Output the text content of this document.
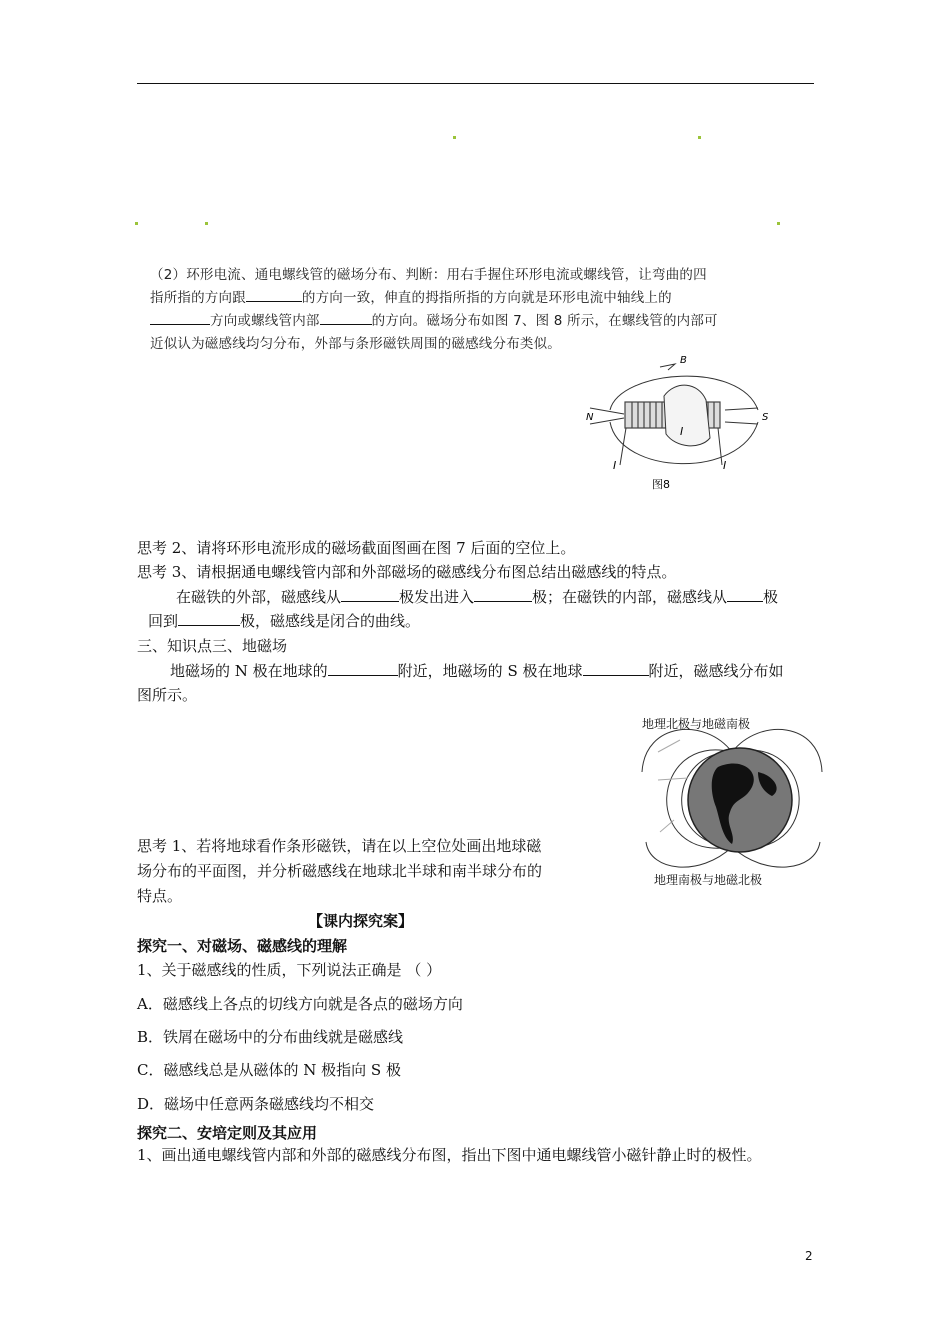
（2）环形电流、通电螺线管的磁场分布、判断：用右手握住环形电流或螺线管，让弯曲的四
指所指的方向跟	的方向一致，伸直的拇指所指的方向就是环形电流中轴线上的
方向或螺线管内部	的方向。磁场分布如图 7、图 8 所示，在螺线管的内部可
近似认为磁感线均匀分布，外部与条形磁铁周围的磁感线分布类似。
B
N	S
I
I	I
图8
思考 2、请将环形电流形成的磁场截面图画在图 7 后面的空位上。
思考 3、请根据通电螺线管内部和外部磁场的磁感线分布图总结出磁感线的特点。
在磁铁的外部，磁感线从	极发出进入	极；在磁铁的内部，磁感线从 极
回到	极，磁感线是闭合的曲线。
三、知识点三、地磁场
地磁场的 N 极在地球的	附近，地磁场的 S 极在地球	附近，磁感线分布如
图所示。
地理北极与地磁南极
地理南极与地磁北极
思考 1、若将地球看作条形磁铁，请在以上空位处画出地球磁
场分布的平面图，并分析磁感线在地球北半球和南半球分布的
特点。
【课内探究案】
探究一、对磁场、磁感线的理解
1、关于磁感线的性质，下列说法正确是 （ ）
A．磁感线上各点的切线方向就是各点的磁场方向
B．铁屑在磁场中的分布曲线就是磁感线
C．磁感线总是从磁体的 N 极指向 S 极
D．磁场中任意两条磁感线均不相交
探究二、安培定则及其应用
1、画出通电螺线管内部和外部的磁感线分布图，指出下图中通电螺线管小磁针静止时的极性。
2
